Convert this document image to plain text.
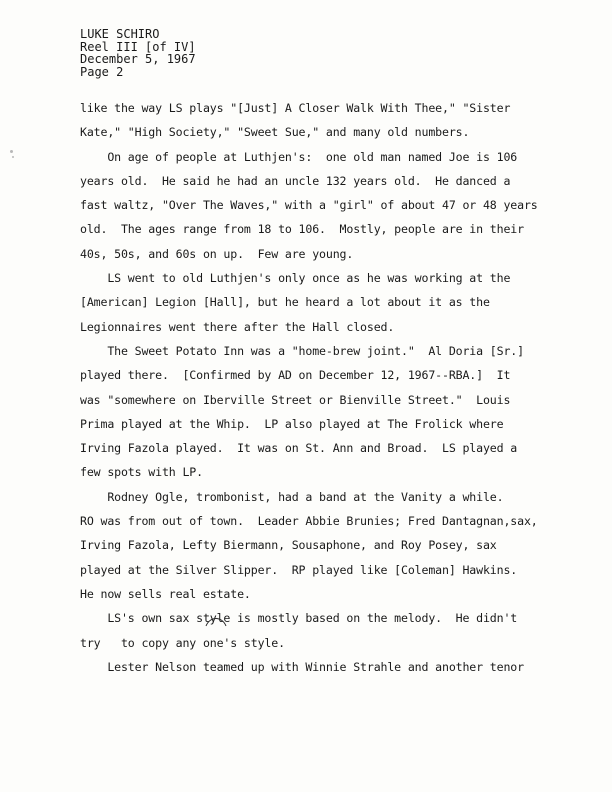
LUKE SCHIRO
Reel III [of IV]
December 5, 1967
Page 2
like the way LS plays "[Just] A Closer Walk With Thee," "Sister
Kate," "High Society," "Sweet Sue," and many old numbers.
On age of people at Luthjen's:  one old man named Joe is 106
years old.  He said he had an uncle 132 years old.  He danced a
fast waltz, "Over The Waves," with a "girl" of about 47 or 48 years
old.  The ages range from 18 to 106.  Mostly, people are in their
40s, 50s, and 60s on up.  Few are young.
LS went to old Luthjen's only once as he was working at the
[American] Legion [Hall], but he heard a lot about it as the
Legionnaires went there after the Hall closed.
The Sweet Potato Inn was a "home-brew joint."  Al Doria [Sr.]
played there.  [Confirmed by AD on December 12, 1967--RBA.]  It
was "somewhere on Iberville Street or Bienville Street."  Louis
Prima played at the Whip.  LP also played at The Frolick where
Irving Fazola played.  It was on St. Ann and Broad.  LS played a
few spots with LP.
Rodney Ogle, trombonist, had a band at the Vanity a while.
RO was from out of town.  Leader Abbie Brunies; Fred Dantagnan,sax,
Irving Fazola, Lefty Biermann, Sousaphone, and Roy Posey, sax
played at the Silver Slipper.  RP played like [Coleman] Hawkins.
He now sells real estate.
LS's own sax style is mostly based on the melody.  He didn't
try   to copy any one's style.
Lester Nelson teamed up with Winnie Strahle and another tenor
